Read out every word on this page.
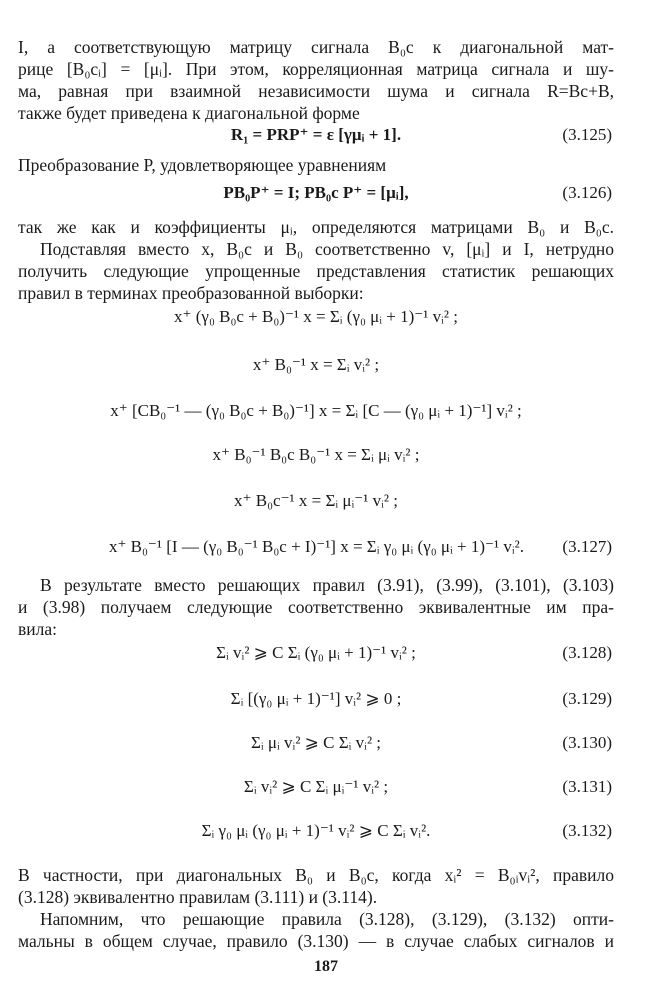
I, а соответствующую матрицу сигнала B₀c к диагональной мат-
рице [B₀cᵢ] = [μᵢ]. При этом, корреляционная матрица сигнала и шу-
ма, равная при взаимной независимости шума и сигнала R=Bc+B,
также будет приведена к диагональной форме
R₁ = PRP⁺ = ε [γμᵢ + 1].	(3.125)
Преобразование P, удовлетворяющее уравнениям
PB₀P⁺ = I; PB₀c P⁺ = [μᵢ],	(3.126)
так же как и коэффициенты μᵢ, определяются матрицами B₀ и B₀c.
Подставляя вместо x, B₀c и B₀ соответственно v, [μᵢ] и I, нетрудно
получить следующие упрощенные представления статистик решающих
правил в терминах преобразованной выборки:
x⁺ (γ₀ B₀c + B₀)⁻¹ x = Σᵢ (γ₀ μᵢ + 1)⁻¹ vᵢ² ;
x⁺ B₀⁻¹ x = Σᵢ vᵢ² ;
x⁺ [CB₀⁻¹ — (γ₀ B₀c + B₀)⁻¹] x = Σᵢ [C — (γ₀ μᵢ + 1)⁻¹] vᵢ² ;
x⁺ B₀⁻¹ B₀c B₀⁻¹ x = Σᵢ μᵢ vᵢ² ;
x⁺ B₀c⁻¹ x = Σᵢ μᵢ⁻¹ vᵢ² ;
x⁺ B₀⁻¹ [I — (γ₀ B₀⁻¹ B₀c + I)⁻¹] x = Σᵢ γ₀ μᵢ (γ₀ μᵢ + 1)⁻¹ vᵢ². (3.127)
В результате вместо решающих правил (3.91), (3.99), (3.101), (3.103)
и (3.98) получаем следующие соответственно эквивалентные им пра-
вила:
Σᵢ vᵢ² ⩾ C Σᵢ (γ₀ μᵢ + 1)⁻¹ vᵢ² ;	(3.128)
Σᵢ [(γ₀ μᵢ + 1)⁻¹] vᵢ² ⩾ 0 ;	(3.129)
Σᵢ μᵢ vᵢ² ⩾ C Σᵢ vᵢ² ;	(3.130)
Σᵢ vᵢ² ⩾ C Σᵢ μᵢ⁻¹ vᵢ² ;	(3.131)
Σᵢ γ₀ μᵢ (γ₀ μᵢ + 1)⁻¹ vᵢ² ⩾ C Σᵢ vᵢ².	(3.132)
В частности, при диагональных B₀ и B₀c, когда xᵢ² = B₀ᵢvᵢ², правило
(3.128) эквивалентно правилам (3.111) и (3.114).
Напомним, что решающие правила (3.128), (3.129), (3.132) опти-
мальны в общем случае, правило (3.130) — в случае слабых сигналов и
187
